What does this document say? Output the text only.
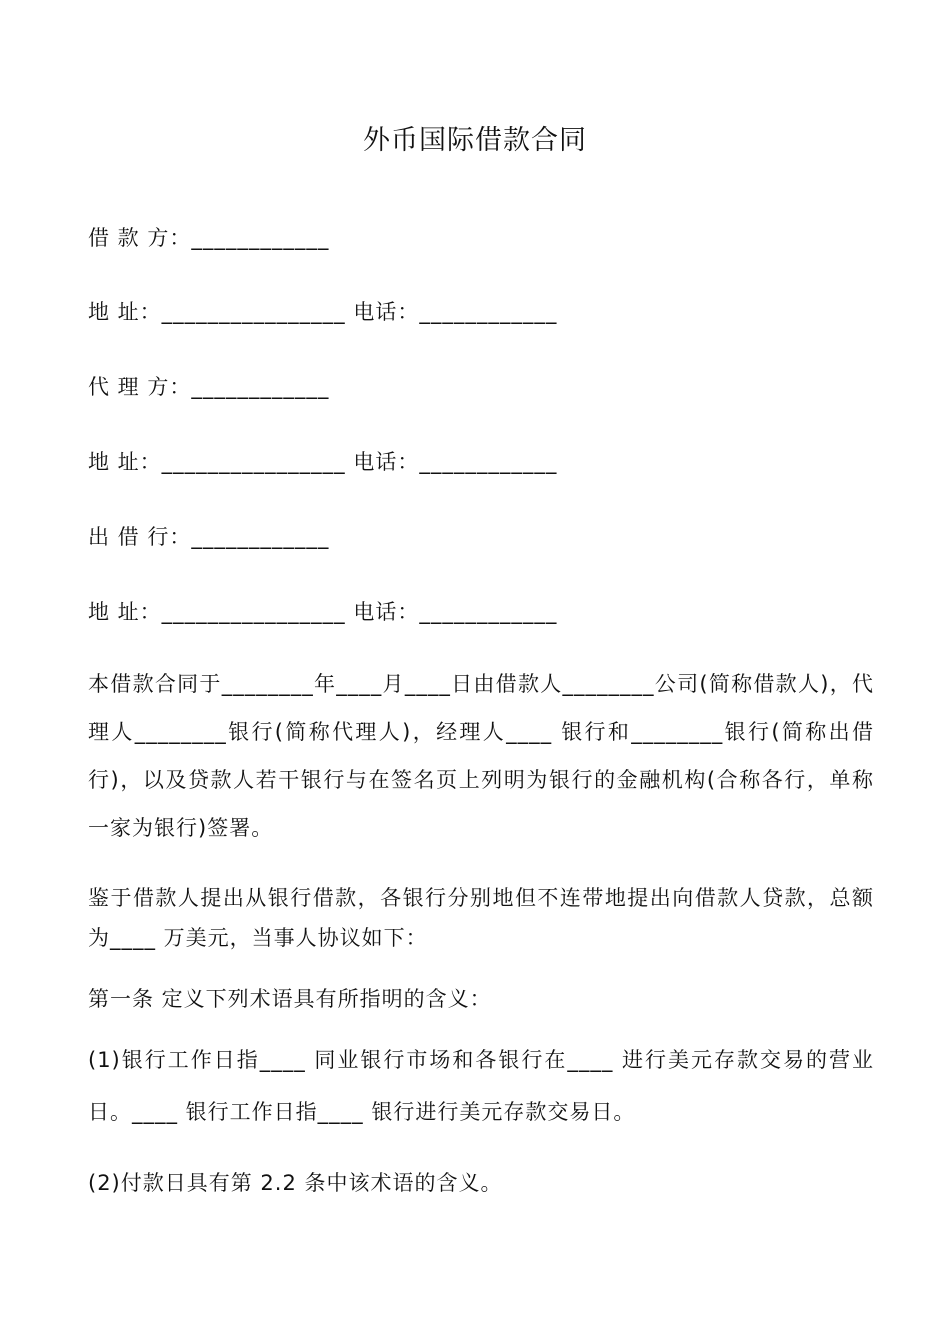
外币国际借款合同
借 款 方：____________
地 址：________________ 电话：____________
代 理 方：____________
地 址：________________ 电话：____________
出 借 行：____________
地 址：________________ 电话：____________
本借款合同于________年____月____日由借款人________公司(简称借款人)，代理人________银行(简称代理人)，经理人____ 银行和________银行(简称出借行)，以及贷款人若干银行与在签名页上列明为银行的金融机构(合称各行，单称一家为银行)签署。
鉴于借款人提出从银行借款，各银行分别地但不连带地提出向借款人贷款，总额为____ 万美元，当事人协议如下：
第一条 定义下列术语具有所指明的含义：
(1)银行工作日指____ 同业银行市场和各银行在____ 进行美元存款交易的营业日。____ 银行工作日指____ 银行进行美元存款交易日。
(2)付款日具有第 2.2 条中该术语的含义。
